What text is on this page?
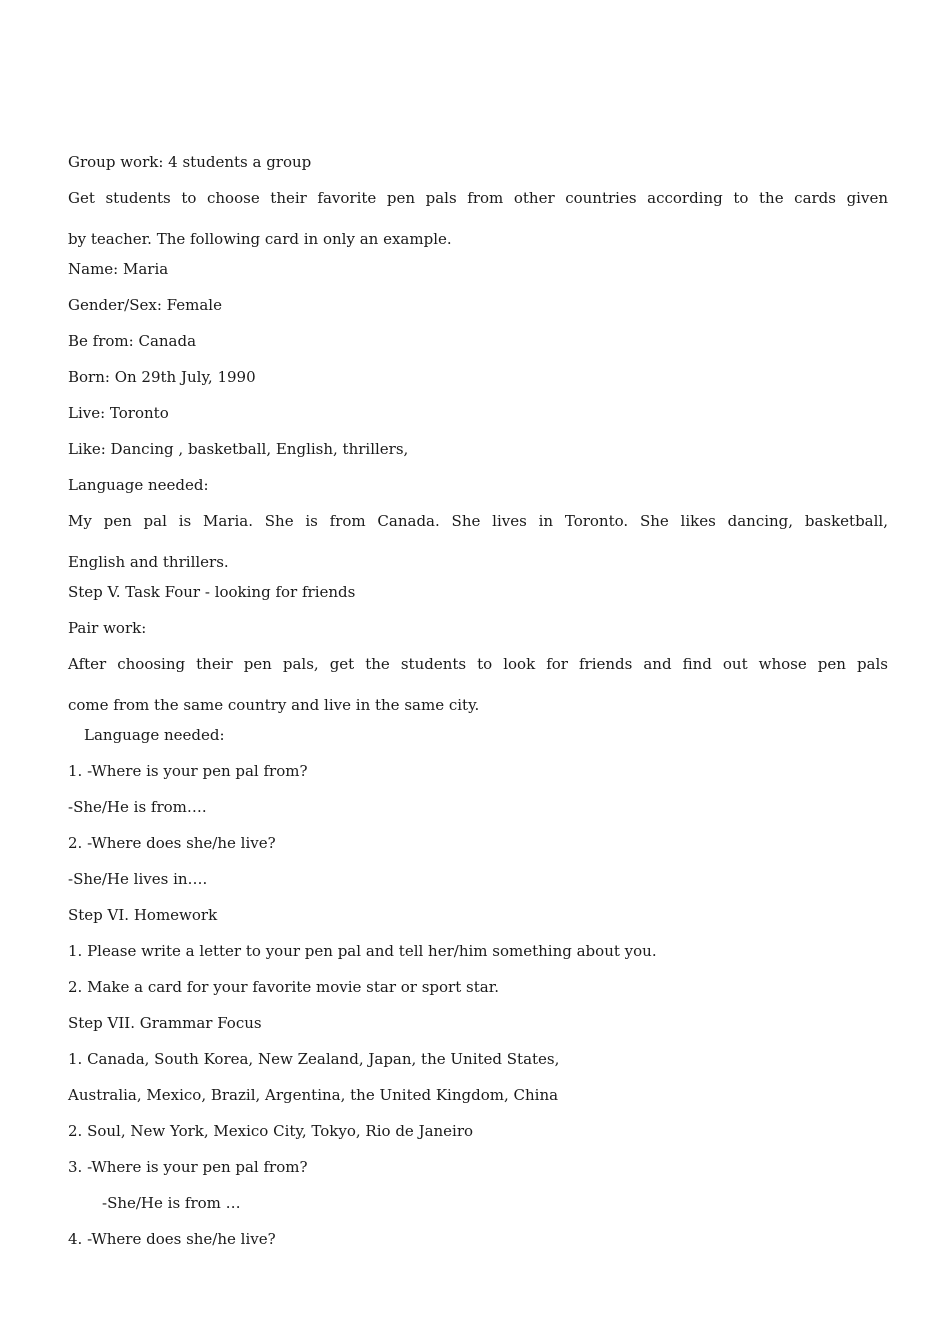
Group work: 4 students a group
Get students to choose their favorite pen pals from other countries according to the cards given
by teacher. The following card in only an example.
Name: Maria
Gender/Sex: Female
Be from: Canada
Born: On 29th July, 1990
Live: Toronto
Like: Dancing , basketball, English, thrillers,
Language needed:
My pen pal is Maria. She is from Canada. She lives in Toronto. She likes dancing, basketball,
English and thrillers.
Step V. Task Four - looking for friends
Pair work:
After choosing their pen pals, get the students to look for friends and find out whose pen pals
come from the same country and live in the same city.
Language needed:
1. -Where is your pen pal from?
-She/He is from….
2. -Where does she/he live?
-She/He lives in….
Step VI. Homework
1. Please write a letter to your pen pal and tell her/him something about you.
2. Make a card for your favorite movie star or sport star.
Step VII. Grammar Focus
1. Canada, South Korea, New Zealand, Japan, the United States,
Australia, Mexico, Brazil, Argentina, the United Kingdom, China
2. Soul, New York, Mexico City, Tokyo, Rio de Janeiro
3. -Where is your pen pal from?
-She/He is from …
4. -Where does she/he live?
